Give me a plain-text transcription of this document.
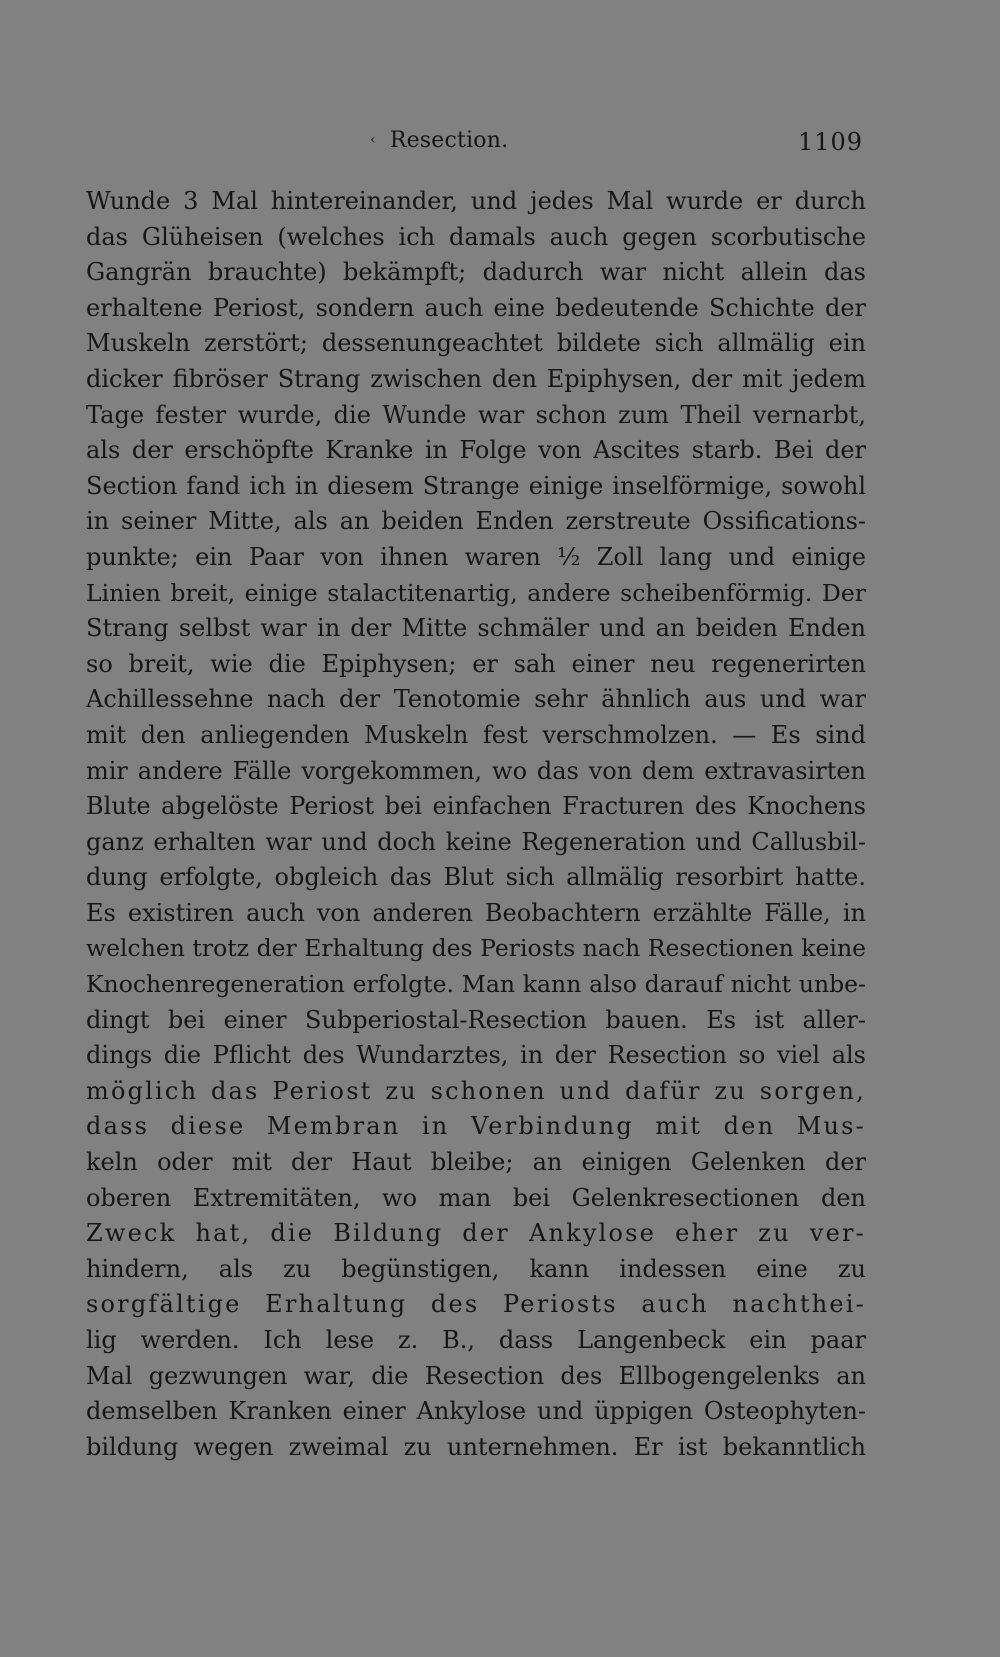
‹ Resection.	1109
Wunde 3 Mal hintereinander, und jedes Mal wurde er durch
das Glüheisen (welches ich damals auch gegen scorbutische
Gangrän brauchte) bekämpft; dadurch war nicht allein das
erhaltene Periost, sondern auch eine bedeutende Schichte der
Muskeln zerstört; dessenungeachtet bildete sich allmälig ein
dicker fibröser Strang zwischen den Epiphysen, der mit jedem
Tage fester wurde, die Wunde war schon zum Theil vernarbt,
als der erschöpfte Kranke in Folge von Ascites starb. Bei der
Section fand ich in diesem Strange einige inselförmige, sowohl
in seiner Mitte, als an beiden Enden zerstreute Ossifications-
punkte; ein Paar von ihnen waren ½ Zoll lang und einige
Linien breit, einige stalactitenartig, andere scheibenförmig. Der
Strang selbst war in der Mitte schmäler und an beiden Enden
so breit, wie die Epiphysen; er sah einer neu regenerirten
Achillessehne nach der Tenotomie sehr ähnlich aus und war
mit den anliegenden Muskeln fest verschmolzen. — Es sind
mir andere Fälle vorgekommen, wo das von dem extravasirten
Blute abgelöste Periost bei einfachen Fracturen des Knochens
ganz erhalten war und doch keine Regeneration und Callusbil-
dung erfolgte, obgleich das Blut sich allmälig resorbirt hatte.
Es existiren auch von anderen Beobachtern erzählte Fälle, in
welchen trotz der Erhaltung des Periosts nach Resectionen keine
Knochenregeneration erfolgte. Man kann also darauf nicht unbe-
dingt bei einer Subperiostal-Resection bauen. Es ist aller-
dings die Pflicht des Wundarztes, in der Resection so viel als
möglich das Periost zu schonen und dafür zu sorgen,
dass diese Membran in Verbindung mit den Mus-
keln oder mit der Haut bleibe; an einigen Gelenken der
oberen Extremitäten, wo man bei Gelenkresectionen den
Zweck hat, die Bildung der Ankylose eher zu ver-
hindern, als zu begünstigen, kann indessen eine zu
sorgfältige Erhaltung des Periosts auch nachthei-
lig werden. Ich lese z. B., dass Langenbeck ein paar
Mal gezwungen war, die Resection des Ellbogengelenks an
demselben Kranken einer Ankylose und üppigen Osteophyten-
bildung wegen zweimal zu unternehmen. Er ist bekanntlich
